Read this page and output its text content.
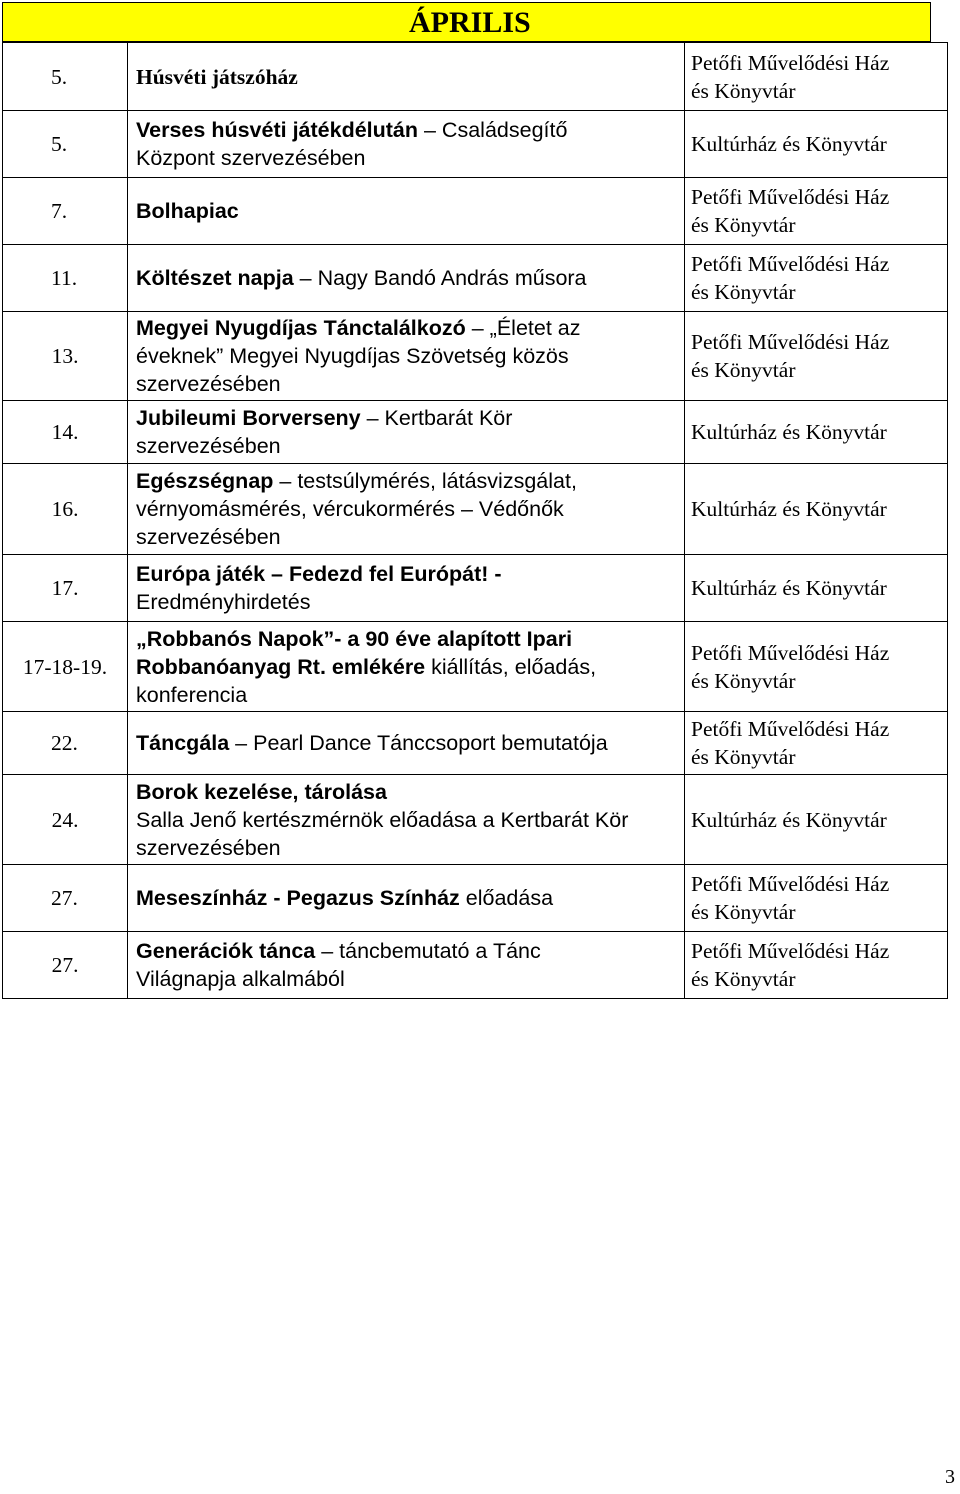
ÁPRILIS
5.	Húsvéti játszóház	Petőfi Művelődési Ház
és Könyvtár
5.	Verses húsvéti játékdélután – Családsegítő
Központ szervezésében	Kultúrház és Könyvtár
7.	Bolhapiac	Petőfi Művelődési Ház
és Könyvtár
11.	Költészet napja – Nagy Bandó András műsora	Petőfi Művelődési Ház
és Könyvtár
13.	Megyei Nyugdíjas Tánctalálkozó – „Életet az
éveknek” Megyei Nyugdíjas Szövetség közös
szervezésében	Petőfi Művelődési Ház
és Könyvtár
14.	Jubileumi Borverseny – Kertbarát Kör
szervezésében	Kultúrház és Könyvtár
16.	Egészségnap – testsúlymérés, látásvizsgálat,
vérnyomásmérés, vércukormérés – Védőnők
szervezésében	Kultúrház és Könyvtár
17.	Európa játék – Fedezd fel Európát! -
Eredményhirdetés	Kultúrház és Könyvtár
17-18-19.	„Robbanós Napok”- a 90 éve alapított Ipari
Robbanóanyag Rt. emlékére kiállítás, előadás,
konferencia	Petőfi Művelődési Ház
és Könyvtár
22.	Táncgála – Pearl Dance Tánccsoport bemutatója	Petőfi Művelődési Ház
és Könyvtár
24.	Borok kezelése, tárolása
Salla Jenő kertészmérnök előadása a Kertbarát Kör
szervezésében	Kultúrház és Könyvtár
27.	Meseszínház - Pegazus Színház előadása	Petőfi Művelődési Ház
és Könyvtár
27.	Generációk tánca – táncbemutató a Tánc
Világnapja alkalmából	Petőfi Művelődési Ház
és Könyvtár
3
